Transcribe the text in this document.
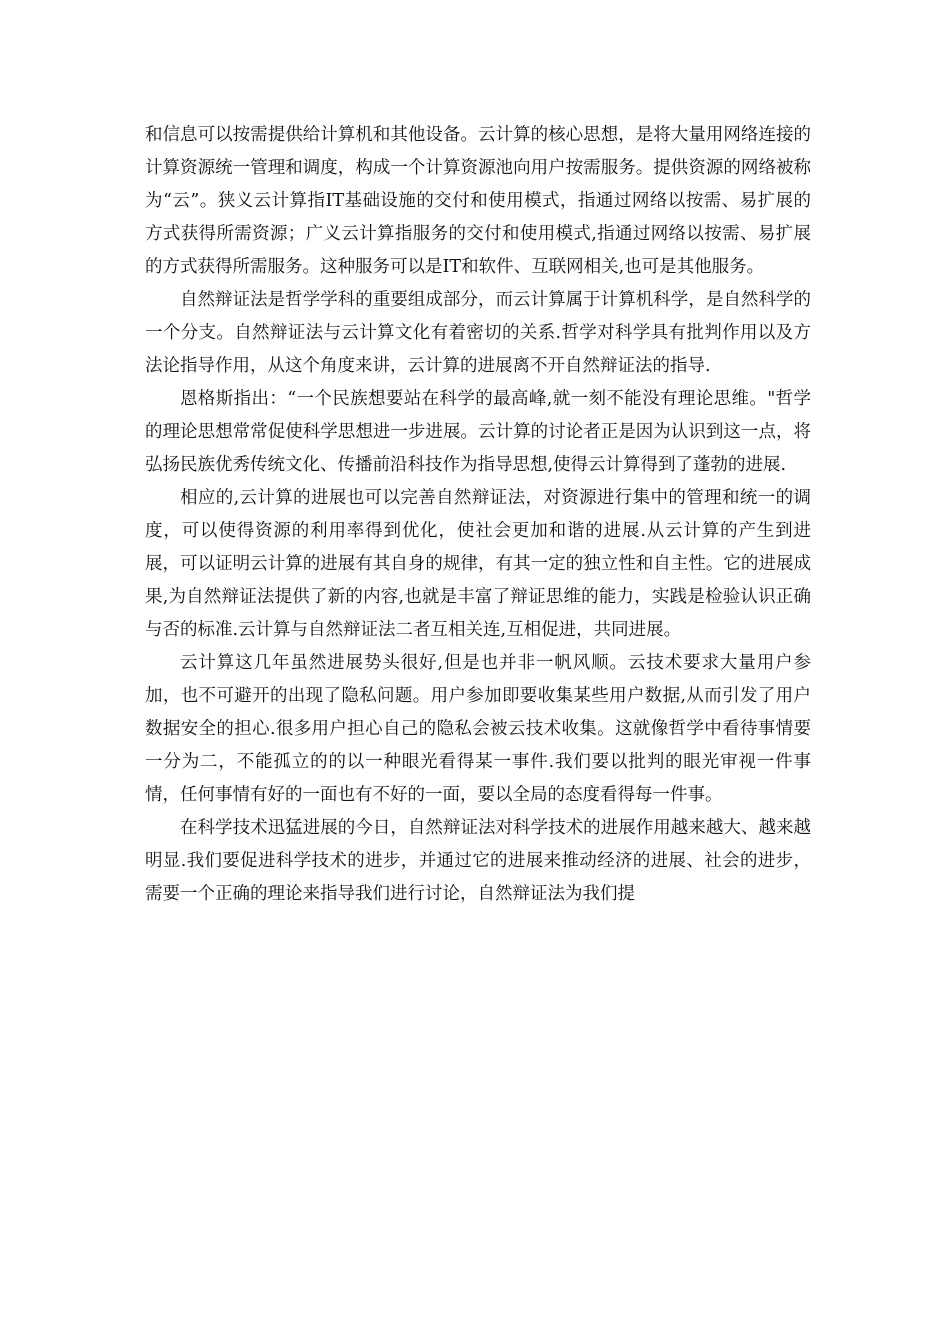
和信息可以按需提供给计算机和其他设备。云计算的核心思想，是将大量用网络连接的计算资源统一管理和调度，构成一个计算资源池向用户按需服务。提供资源的网络被称为“云”。狭义云计算指IT基础设施的交付和使用模式，指通过网络以按需、易扩展的方式获得所需资源；广义云计算指服务的交付和使用模式,指通过网络以按需、易扩展的方式获得所需服务。这种服务可以是IT和软件、互联网相关,也可是其他服务。

自然辩证法是哲学学科的重要组成部分，而云计算属于计算机科学，是自然科学的一个分支。自然辩证法与云计算文化有着密切的关系.哲学对科学具有批判作用以及方法论指导作用，从这个角度来讲，云计算的进展离不开自然辩证法的指导.

恩格斯指出：“一个民族想要站在科学的最高峰,就一刻不能没有理论思维。"哲学的理论思想常常促使科学思想进一步进展。云计算的讨论者正是因为认识到这一点，将弘扬民族优秀传统文化、传播前沿科技作为指导思想,使得云计算得到了蓬勃的进展.

相应的,云计算的进展也可以完善自然辩证法，对资源进行集中的管理和统一的调度，可以使得资源的利用率得到优化，使社会更加和谐的进展.从云计算的产生到进展，可以证明云计算的进展有其自身的规律，有其一定的独立性和自主性。它的进展成果,为自然辩证法提供了新的内容,也就是丰富了辩证思维的能力，实践是检验认识正确与否的标准.云计算与自然辩证法二者互相关连,互相促进，共同进展。

云计算这几年虽然进展势头很好,但是也并非一帆风顺。云技术要求大量用户参加，也不可避开的出现了隐私问题。用户参加即要收集某些用户数据,从而引发了用户数据安全的担心.很多用户担心自己的隐私会被云技术收集。这就像哲学中看待事情要一分为二，不能孤立的的以一种眼光看得某一事件.我们要以批判的眼光审视一件事情，任何事情有好的一面也有不好的一面，要以全局的态度看得每一件事。

在科学技术迅猛进展的今日，自然辩证法对科学技术的进展作用越来越大、越来越明显.我们要促进科学技术的进步，并通过它的进展来推动经济的进展、社会的进步，需要一个正确的理论来指导我们进行讨论，自然辩证法为我们提
